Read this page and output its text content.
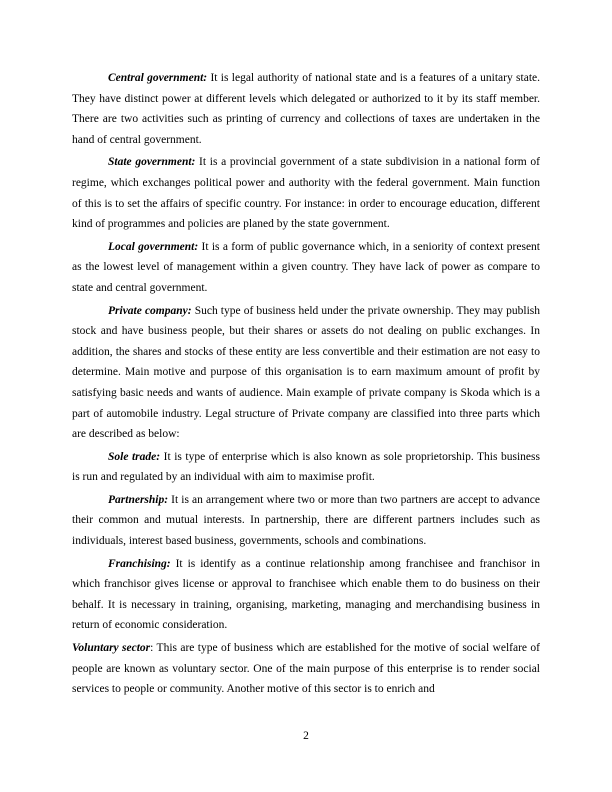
Central government: It is legal authority of national state and is a features of a unitary state. They have distinct power at different levels which delegated or authorized to it by its staff member. There are two activities such as printing of currency and collections of taxes are undertaken in the hand of central government.

State government: It is a provincial government of a state subdivision in a national form of regime, which exchanges political power and authority with the federal government. Main function of this is to set the affairs of specific country. For instance: in order to encourage education, different kind of programmes and policies are planed by the state government.

Local government: It is a form of public governance which, in a seniority of context present as the lowest level of management within a given country. They have lack of power as compare to state and central government.

Private company: Such type of business held under the private ownership. They may publish stock and have business people, but their shares or assets do not dealing on public exchanges. In addition, the shares and stocks of these entity are less convertible and their estimation are not easy to determine. Main motive and purpose of this organisation is to earn maximum amount of profit by satisfying basic needs and wants of audience. Main example of private company is Skoda which is a part of automobile industry. Legal structure of Private company are classified into three parts which are described as below:

Sole trade: It is type of enterprise which is also known as sole proprietorship. This business is run and regulated by an individual with aim to maximise profit.

Partnership: It is an arrangement where two or more than two partners are accept to advance their common and mutual interests. In partnership, there are different partners includes such as individuals, interest based business, governments, schools and combinations.

Franchising: It is identify as a continue relationship among franchisee and franchisor in which franchisor gives license or approval to franchisee which enable them to do business on their behalf. It is necessary in training, organising, marketing, managing and merchandising business in return of economic consideration.

Voluntary sector: This are type of business which are established for the motive of social welfare of people are known as voluntary sector. One of the main purpose of this enterprise is to render social services to people or community. Another motive of this sector is to enrich and

2
